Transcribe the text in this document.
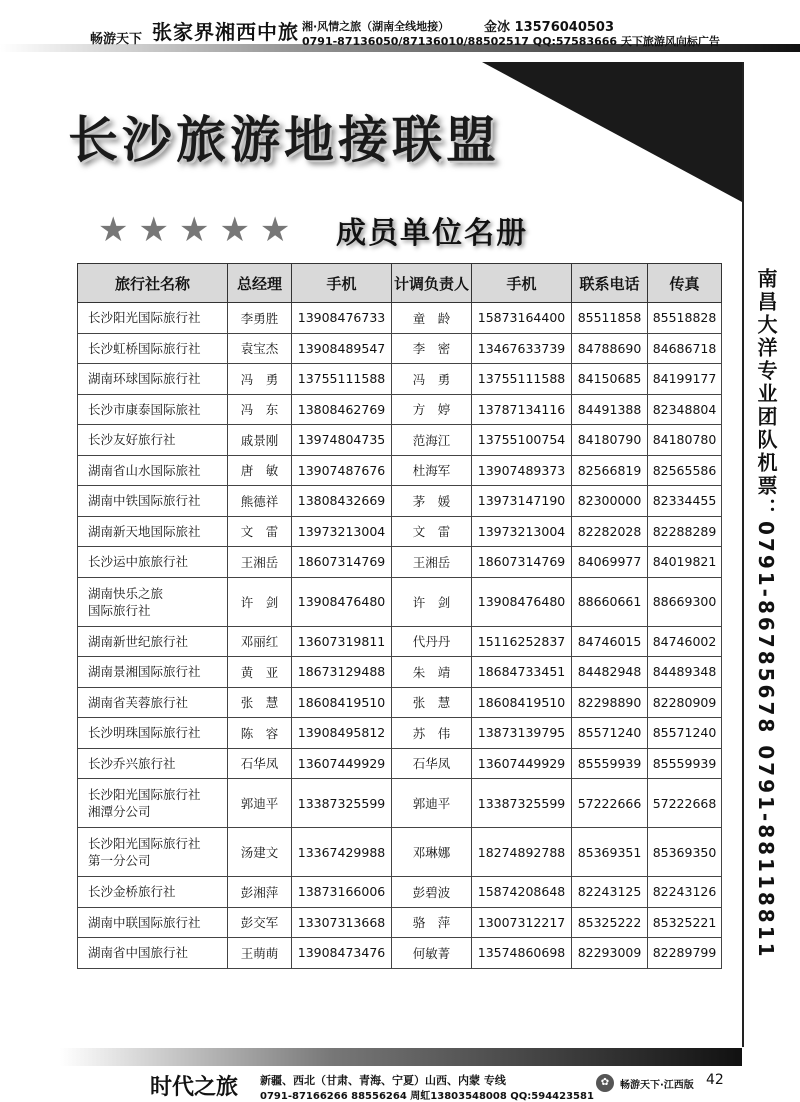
畅游天下 张家界湘西中旅 湘·风情之旅（湖南全线地接）	金冰 13576040503
0791-87136050/87136010/88502517 QQ:57583666 天下旅游风向标广告
长沙旅游地接联盟
★★★★★ 成员单位名册
旅行社名称	总经理	手机	计调负责人	手机	联系电话	传真
长沙阳光国际旅行社	李勇胜	13908476733	童　龄	15873164400	85511858	85518828
长沙虹桥国际旅行社	袁宝杰	13908489547	李　密	13467633739	84788690	84686718
湖南环球国际旅行社	冯　勇	13755111588	冯　勇	13755111588	84150685	84199177
长沙市康泰国际旅社	冯　东	13808462769	方　婷	13787134116	84491388	82348804
长沙友好旅行社	戚景刚	13974804735	范海江	13755100754	84180790	84180780
湖南省山水国际旅社	唐　敏	13907487676	杜海军	13907489373	82566819	82565586
湖南中铁国际旅行社	熊德祥	13808432669	茅　媛	13973147190	82300000	82334455
湖南新天地国际旅社	文　雷	13973213004	文　雷	13973213004	82282028	82288289
长沙运中旅旅行社	王湘岳	18607314769	王湘岳	18607314769	84069977	84019821
湖南快乐之旅
国际旅行社	许　剑	13908476480	许　剑	13908476480	88660661	88669300
湖南新世纪旅行社	邓丽红	13607319811	代丹丹	15116252837	84746015	84746002
湖南景湘国际旅行社	黄　亚	18673129488	朱　靖	18684733451	84482948	84489348
湖南省芙蓉旅行社	张　慧	18608419510	张　慧	18608419510	82298890	82280909
长沙明珠国际旅行社	陈　容	13908495812	苏　伟	13873139795	85571240	85571240
长沙乔兴旅行社	石华凤	13607449929	石华凤	13607449929	85559939	85559939
长沙阳光国际旅行社
湘潭分公司	郭迪平	13387325599	郭迪平	13387325599	57222666	57222668
长沙阳光国际旅行社
第一分公司	汤建文	13367429988	邓琳娜	18274892788	85369351	85369350
长沙金桥旅行社	彭湘萍	13873166006	彭碧波	15874208648	82243125	82243126
湖南中联国际旅行社	彭交军	13307313668	骆　萍	13007312217	85325222	85325221
湖南省中国旅行社	王萌萌	13908473476	何敏菁	13574860698	82293009	82289799	南昌大洋专业团队机票：0791-86785678 0791-88118811
时代之旅 新疆、西北（甘肃、青海、宁夏）山西、内蒙 专线
0791-87166266 88556264 周虹13803548008 QQ:594423581
✿	畅游天下·江西版 42
